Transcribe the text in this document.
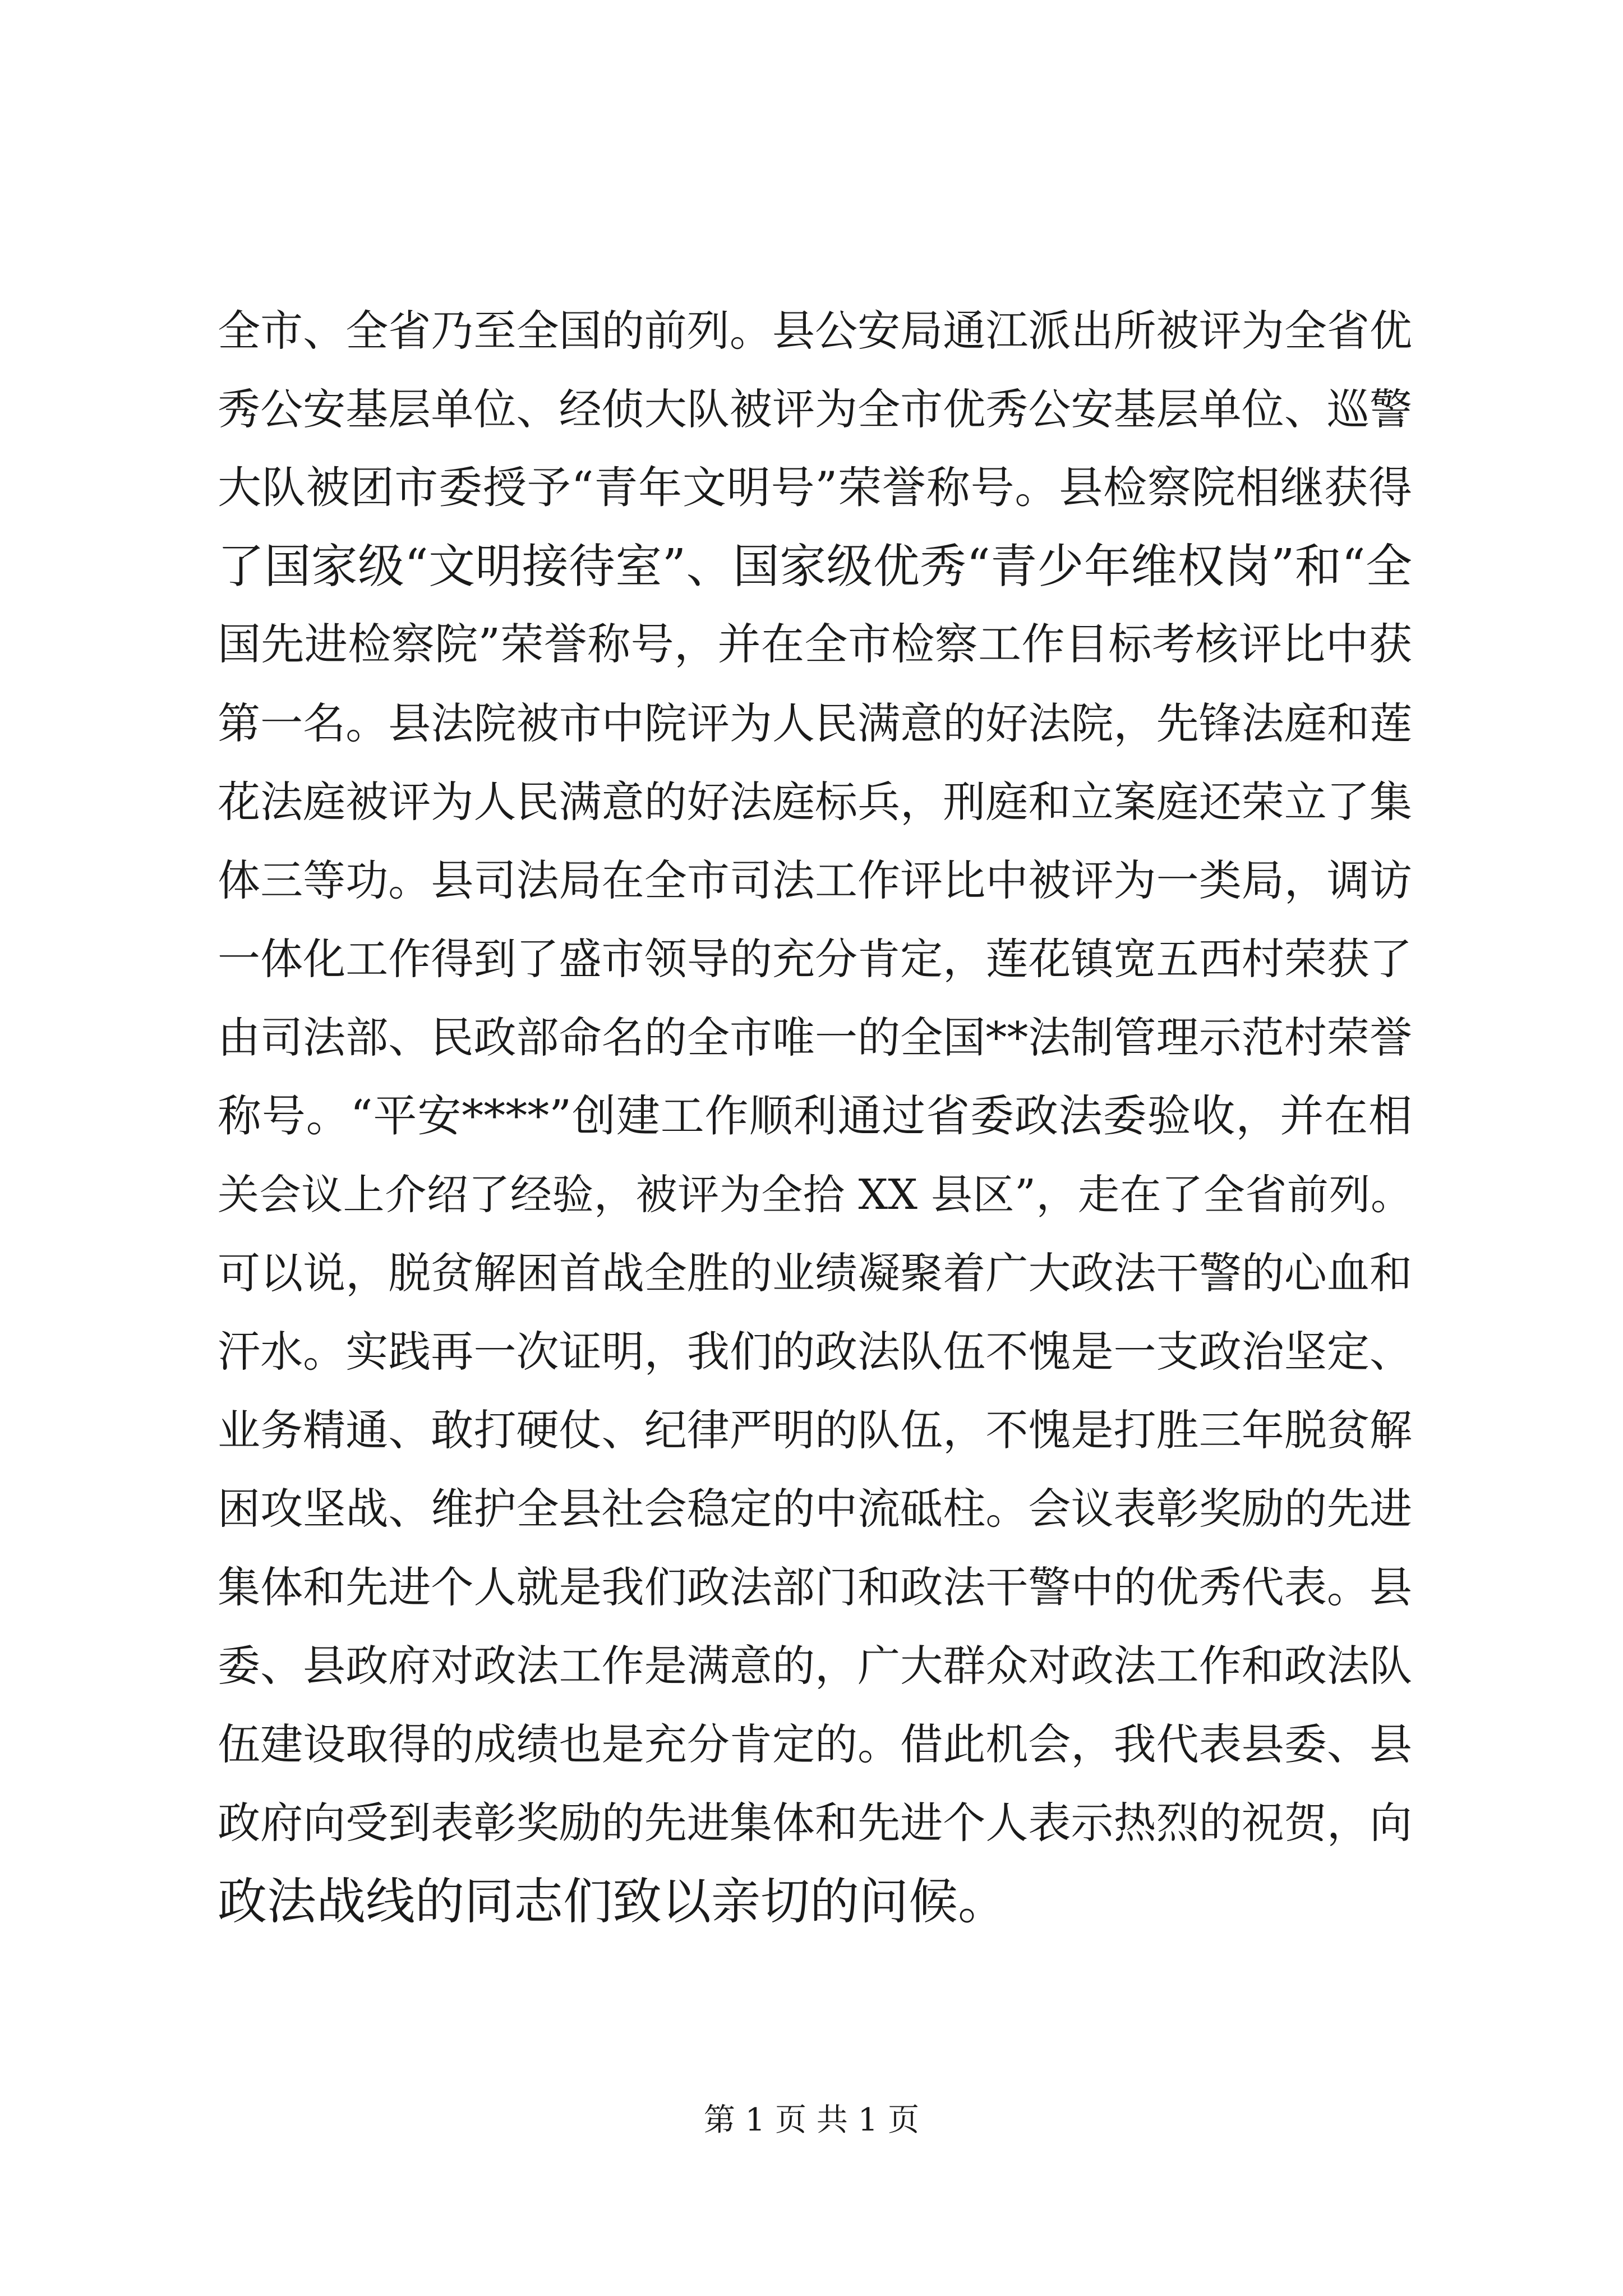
全市、全省乃至全国的前列。县公安局通江派出所被评为全省优
秀公安基层单位、经侦大队被评为全市优秀公安基层单位、巡警
大队被团市委授予“青年文明号”荣誉称号。县检察院相继获得
了国家级“文明接待室”、国家级优秀“青少年维权岗”和“全
国先进检察院”荣誉称号，并在全市检察工作目标考核评比中获
第一名。县法院被市中院评为人民满意的好法院，先锋法庭和莲
花法庭被评为人民满意的好法庭标兵，刑庭和立案庭还荣立了集
体三等功。县司法局在全市司法工作评比中被评为一类局，调访
一体化工作得到了盛市领导的充分肯定，莲花镇宽五西村荣获了
由司法部、民政部命名的全市唯一的全国**法制管理示范村荣誉
称号。“平安****”创建工作顺利通过省委政法委验收，并在相
关会议上介绍了经验，被评为全拾 XX 县区”，走在了全省前列。
可以说，脱贫解困首战全胜的业绩凝聚着广大政法干警的心血和
汗水。实践再一次证明，我们的政法队伍不愧是一支政治坚定、
业务精通、敢打硬仗、纪律严明的队伍，不愧是打胜三年脱贫解
困攻坚战、维护全县社会稳定的中流砥柱。会议表彰奖励的先进
集体和先进个人就是我们政法部门和政法干警中的优秀代表。县
委、县政府对政法工作是满意的，广大群众对政法工作和政法队
伍建设取得的成绩也是充分肯定的。借此机会，我代表县委、县
政府向受到表彰奖励的先进集体和先进个人表示热烈的祝贺，向
政法战线的同志们致以亲切的问候。
第 1 页 共 1 页
